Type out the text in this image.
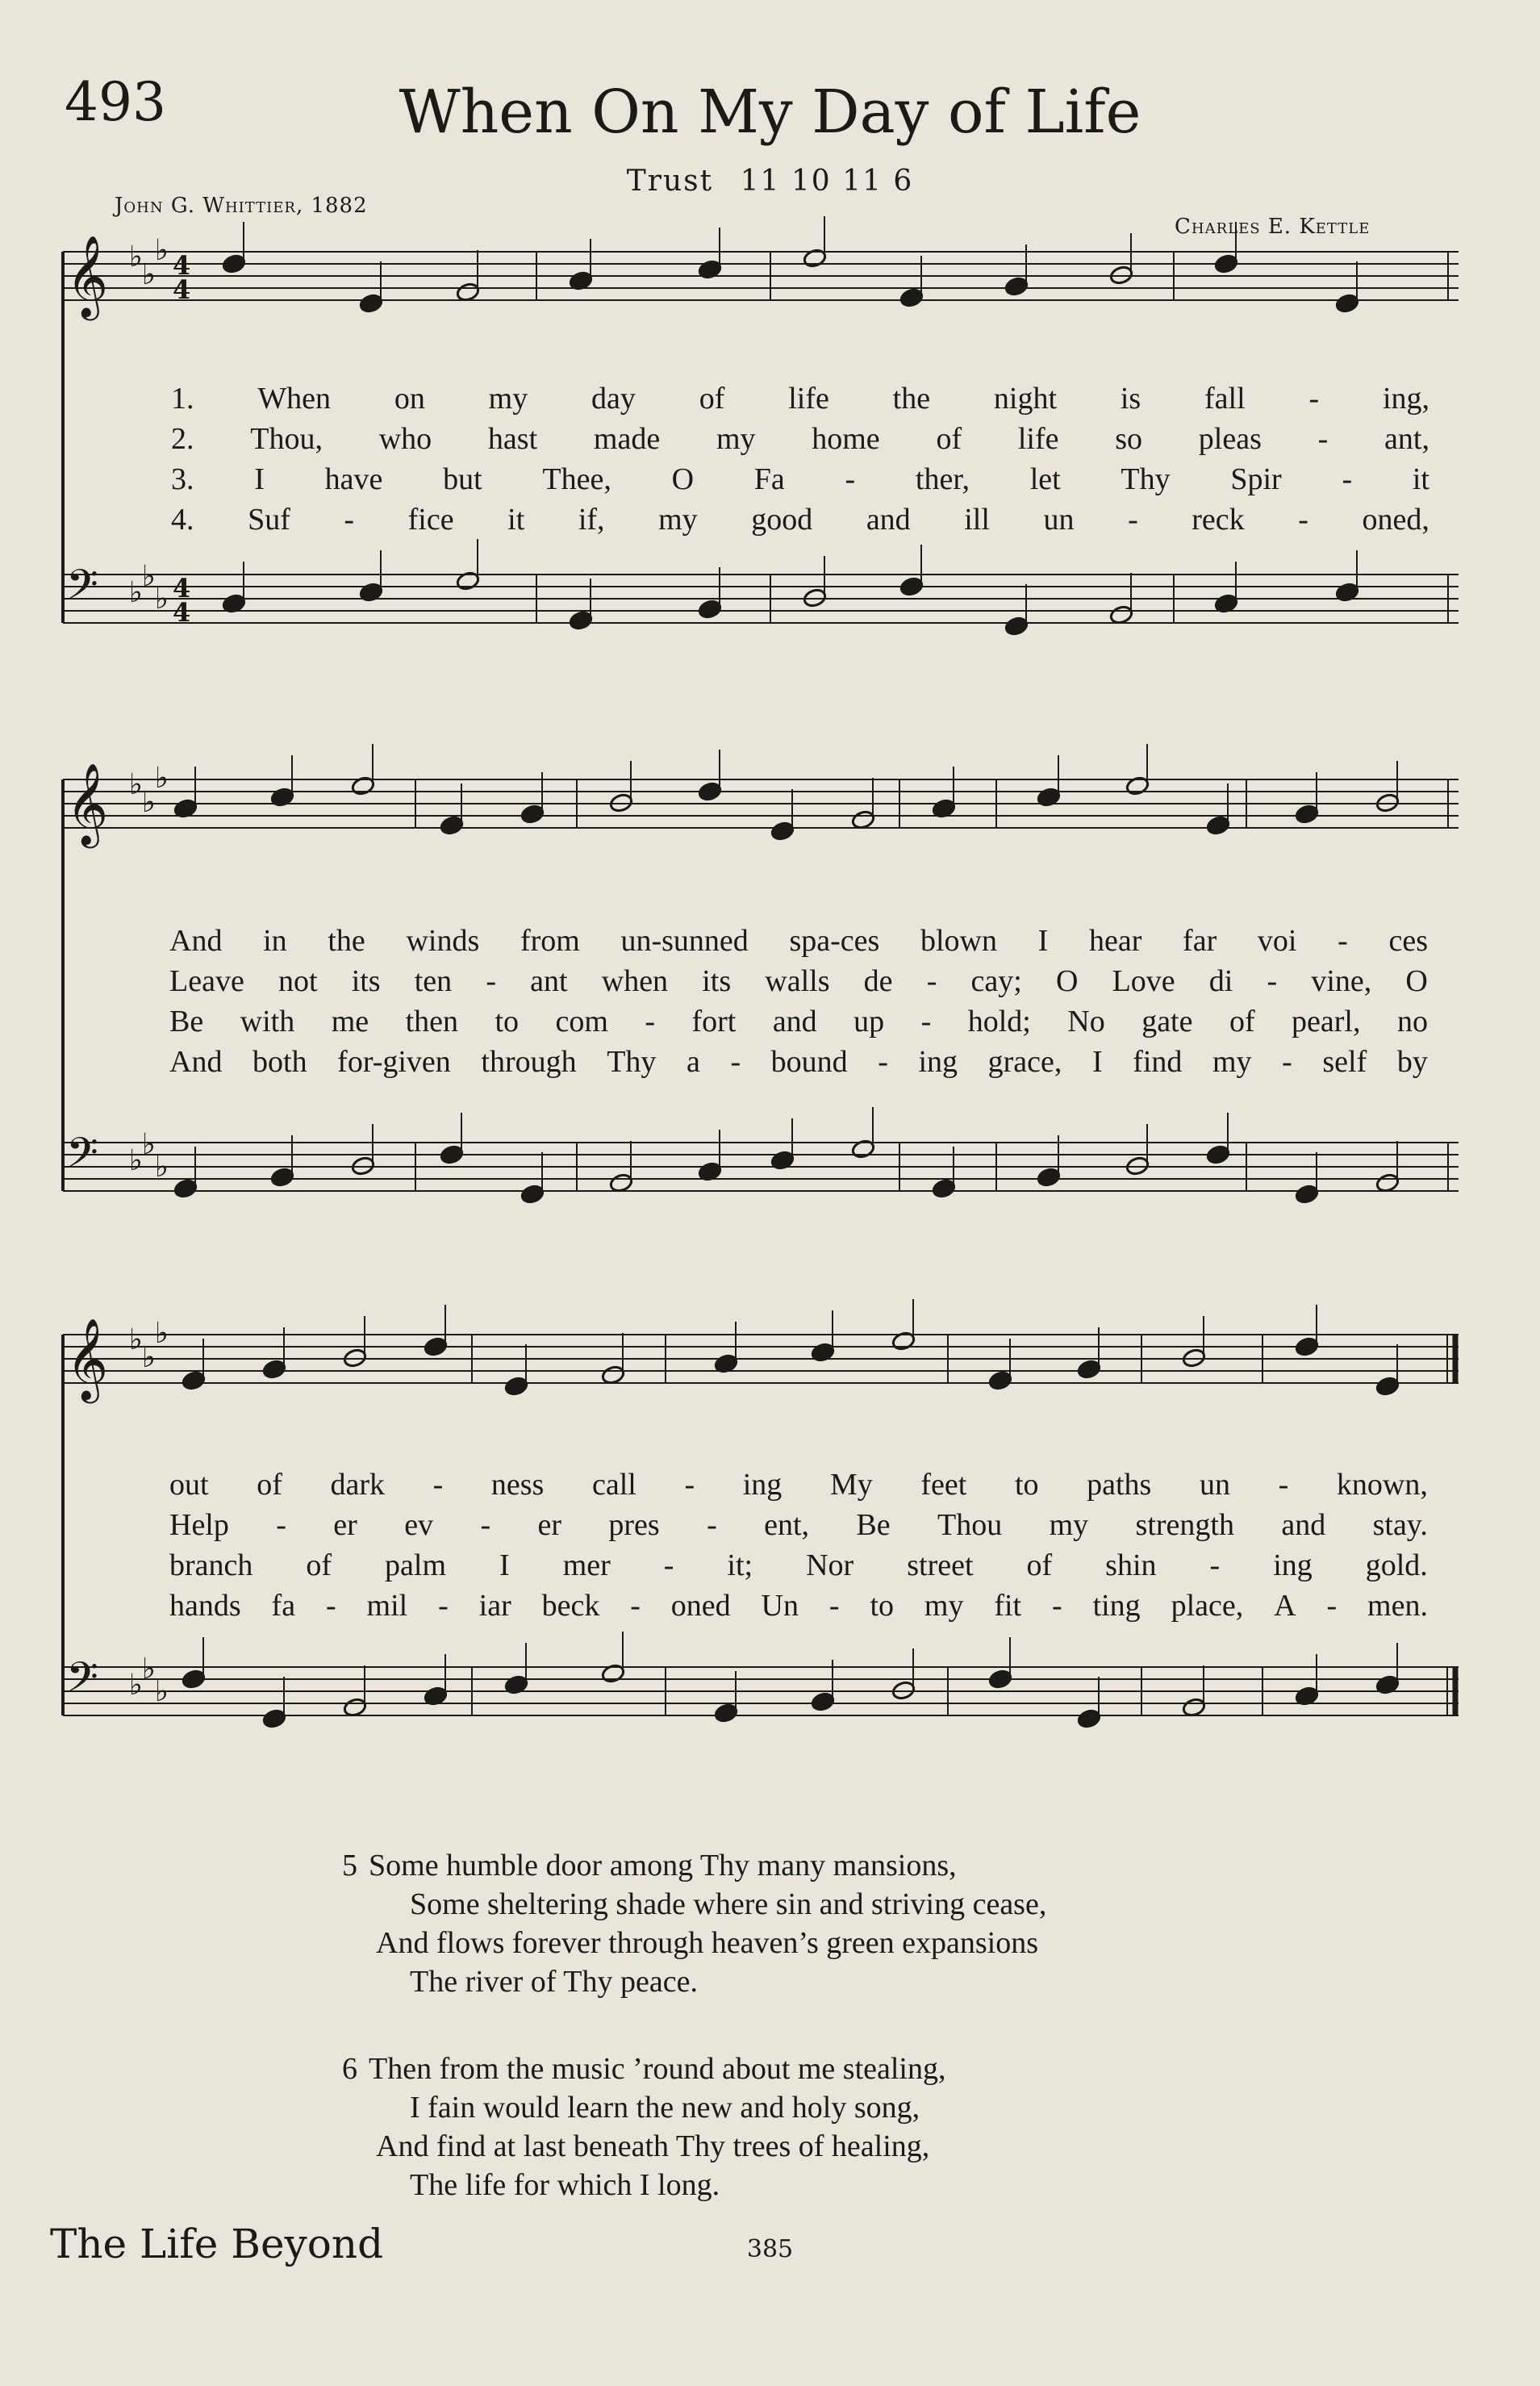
493	When On My Day of Life
Trust 11 10 11 6
John G. Whittier, 1882
Charles E. Kettle
𝄞 ♭
♭
♭ 4
4
𝄢 ♭ ♭
♭ 4
4
𝄞 ♭
♭
♭
𝄢 ♭ ♭
♭
𝄞 ♭
♭
♭
𝄢 ♭ ♭
♭
1. When on my day of life the night is fall - ing,
2. Thou, who hast made my home of life so pleas - ant,
3. I have but Thee, O Fa - ther, let Thy Spir - it
4. Suf - fice it if, my good and ill un - reck - oned,
And in the winds from un-sunned spa-ces blown I hear far voi - ces
Leave not its ten - ant when its walls de - cay; O Love di - vine, O
Be with me then to com - fort and up - hold; No gate of pearl, no
And both for-given through Thy a - bound - ing grace, I find my - self by
out of dark - ness call - ing My feet to paths un - known,
Help - er ev - er pres - ent, Be Thou my strength and stay.
branch of palm I mer - it; Nor street of shin - ing gold.
hands fa - mil - iar beck - oned Un - to my fit - ting place, A - men.
5 Some humble door among Thy many mansions,
Some sheltering shade where sin and striving cease,
And flows forever through heaven’s green expansions
The river of Thy peace.
6 Then from the music ’round about me stealing,
I fain would learn the new and holy song,
And find at last beneath Thy trees of healing,
The life for which I long.
The Life Beyond	385
